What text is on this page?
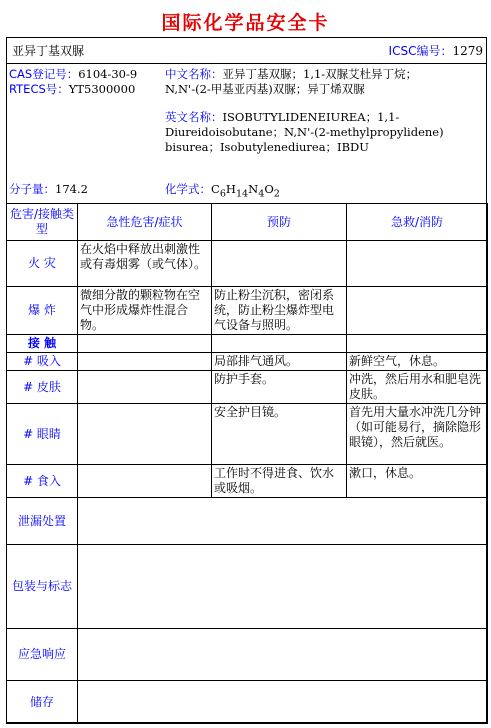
国际化学品安全卡
亚异丁基双脲	ICSC编号：1279
CAS登记号：6104-30-9
RTECS号：YT5300000
中文名称：亚异丁基双脲；1,1-双脲艾杜异丁烷；
N,N'-(2-甲基亚丙基)双脲；异丁烯双脲
英文名称：ISOBUTYLIDENEIUREA；1,1-
Diureidoisobutane；N,N'-(2-methylpropylidene)
bisurea；Isobutylenediurea；IBDU
分子量：174.2	化学式：$C_6H_{14}N_4O_2$
危害/接触类型	急性危害/症状	预防	急救/消防
火 灾	在火焰中释放出刺激性或有毒烟雾（或气体）。		
爆 炸	微细分散的颗粒物在空气中形成爆炸性混合物。	防止粉尘沉积，密闭系统，防止粉尘爆炸型电气设备与照明。	
接 触			
# 吸入		局部排气通风。	新鲜空气，休息。
# 皮肤		防护手套。	冲洗，然后用水和肥皂洗皮肤。
# 眼睛		安全护目镜。	首先用大量水冲洗几分钟（如可能易行，摘除隐形眼镜），然后就医。
# 食入		工作时不得进食、饮水或吸烟。	漱口，休息。
泄漏处置			
包装与标志			
应急响应			
储存			
